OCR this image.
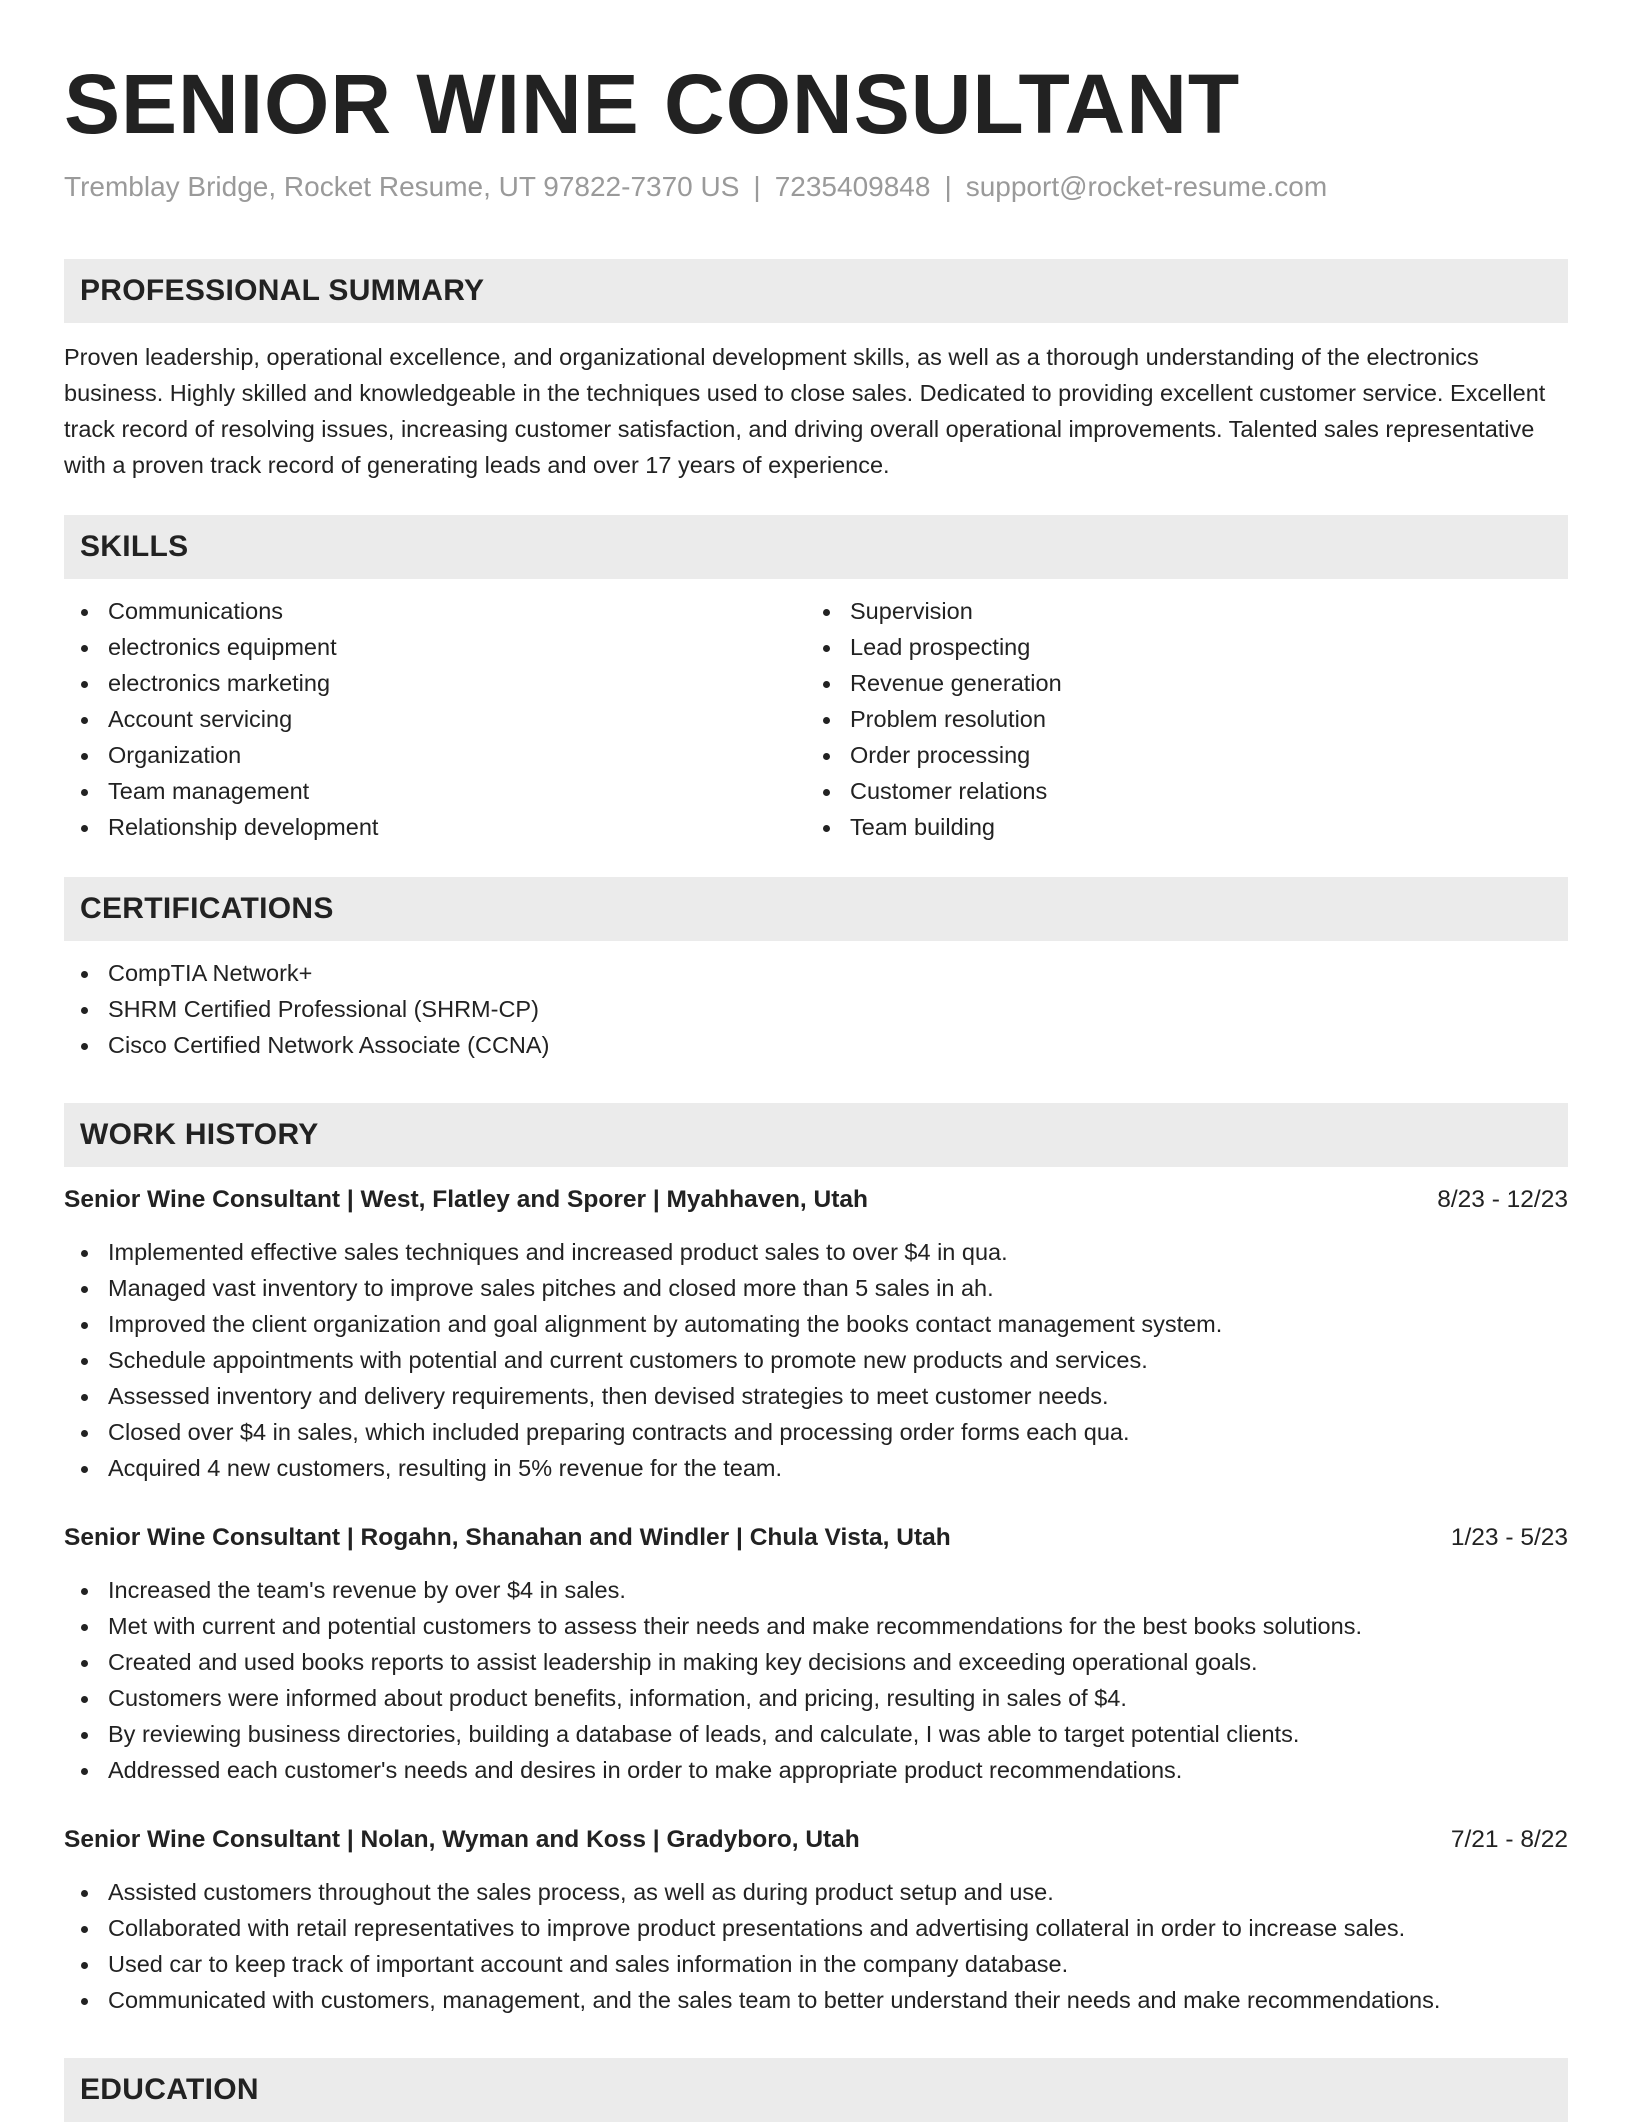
SENIOR WINE CONSULTANT
Tremblay Bridge, Rocket Resume, UT 97822-7370 US | 7235409848 | support@rocket-resume.com
PROFESSIONAL SUMMARY

Proven leadership, operational excellence, and organizational development skills, as well as a thorough understanding of the electronics business. Highly skilled and knowledgeable in the techniques used to close sales. Dedicated to providing excellent customer service. Excellent track record of resolving issues, increasing customer satisfaction, and driving overall operational improvements. Talented sales representative with a proven track record of generating leads and over 17 years of experience.

SKILLS
Communications
electronics equipment
electronics marketing
Account servicing
Organization
Team management
Relationship development
Supervision
Lead prospecting
Revenue generation
Problem resolution
Order processing
Customer relations
Team building
CERTIFICATIONS
CompTIA Network+
SHRM Certified Professional (SHRM-CP)
Cisco Certified Network Associate (CCNA)
WORK HISTORY
Senior Wine Consultant | West, Flatley and Sporer | Myahhaven, Utah	8/23 - 12/23
Implemented effective sales techniques and increased product sales to over $4 in qua.
Managed vast inventory to improve sales pitches and closed more than 5 sales in ah.
Improved the client organization and goal alignment by automating the books contact management system.
Schedule appointments with potential and current customers to promote new products and services.
Assessed inventory and delivery requirements, then devised strategies to meet customer needs.
Closed over $4 in sales, which included preparing contracts and processing order forms each qua.
Acquired 4 new customers, resulting in 5% revenue for the team.
Senior Wine Consultant | Rogahn, Shanahan and Windler | Chula Vista, Utah	1/23 - 5/23
Increased the team's revenue by over $4 in sales.
Met with current and potential customers to assess their needs and make recommendations for the best books solutions.
Created and used books reports to assist leadership in making key decisions and exceeding operational goals.
Customers were informed about product benefits, information, and pricing, resulting in sales of $4.
By reviewing business directories, building a database of leads, and calculate, I was able to target potential clients.
Addressed each customer's needs and desires in order to make appropriate product recommendations.
Senior Wine Consultant | Nolan, Wyman and Koss | Gradyboro, Utah	7/21 - 8/22
Assisted customers throughout the sales process, as well as during product setup and use.
Collaborated with retail representatives to improve product presentations and advertising collateral in order to increase sales.
Used car to keep track of important account and sales information in the company database.
Communicated with customers, management, and the sales team to better understand their needs and make recommendations.
EDUCATION
